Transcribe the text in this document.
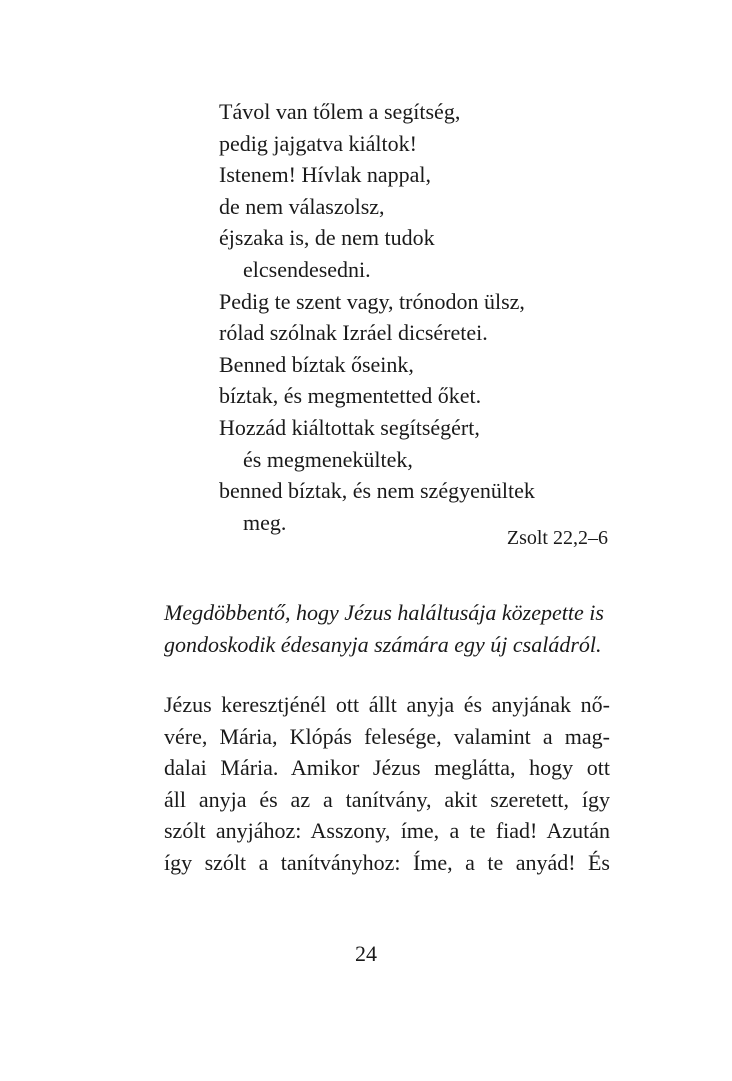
Távol van tőlem a segítség,
pedig jajgatva kiáltok!
Istenem! Hívlak nappal,
de nem válaszolsz,
éjszaka is, de nem tudok
elcsendesedni.
Pedig te szent vagy, trónodon ülsz,
rólad szólnak Izráel dicséretei.
Benned bíztak őseink,
bíztak, és megmentetted őket.
Hozzád kiáltottak segítségért,
és megmenekültek,
benned bíztak, és nem szégyenültek
meg.
Zsolt 22,2–6

Megdöbbentő, hogy Jézus haláltusája közepette is
gondoskodik édesanyja számára egy új családról.

Jézus keresztjénél ott állt anyja és anyjának nő-
vére, Mária, Klópás felesége, valamint a mag-
dalai Mária. Amikor Jézus meglátta, hogy ott
áll anyja és az a tanítvány, akit szeretett, így
szólt anyjához: Asszony, íme, a te fiad! Azután
így szólt a tanítványhoz: Íme, a te anyád! És

24
